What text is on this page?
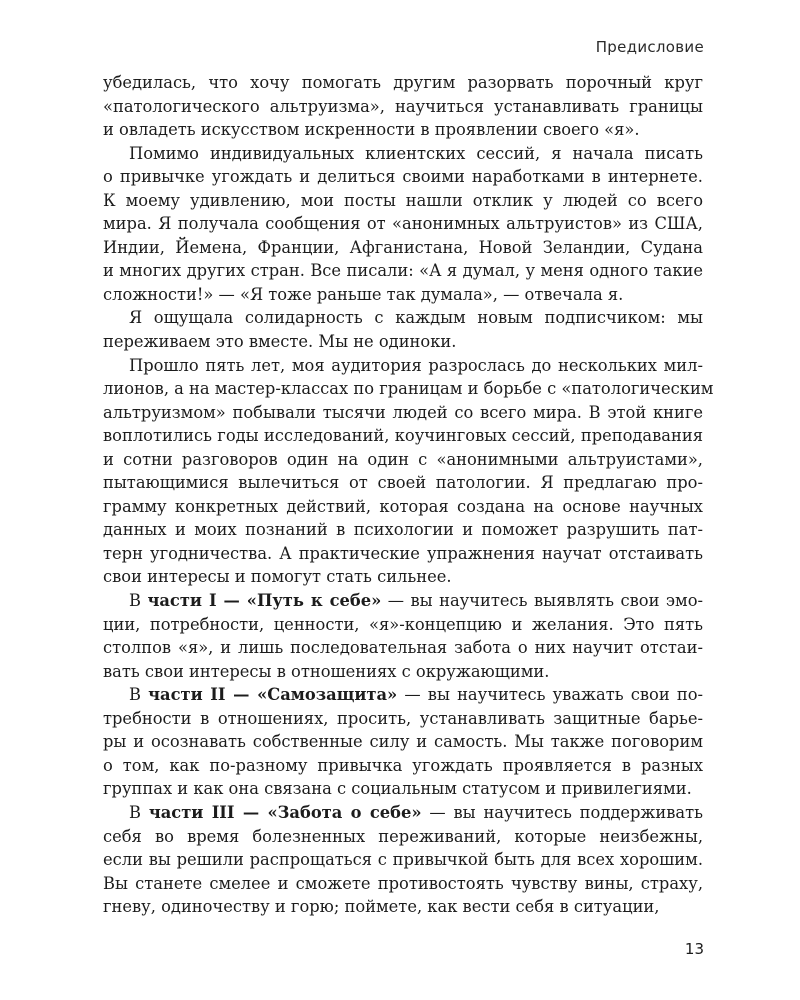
Предисловие
убедилась, что хочу помогать другим разорвать порочный круг
«патологического альтруизма», научиться устанавливать границы
и овладеть искусством искренности в проявлении своего «я».
Помимо индивидуальных клиентских сессий, я начала писать
о привычке угождать и делиться своими наработками в интернете.
К моему удивлению, мои посты нашли отклик у людей со всего
мира. Я получала сообщения от «анонимных альтруистов» из США,
Индии, Йемена, Франции, Афганистана, Новой Зеландии, Судана
и многих других стран. Все писали: «А я думал, у меня одного такие
сложности!» — «Я тоже раньше так думала», — отвечала я.
Я ощущала солидарность с каждым новым подписчиком: мы
переживаем это вместе. Мы не одиноки.
Прошло пять лет, моя аудитория разрослась до нескольких мил-
лионов, а на мастер-классах по границам и борьбе с «патологическим
альтруизмом» побывали тысячи людей со всего мира. В этой книге
воплотились годы исследований, коучинговых сессий, преподавания
и сотни разговоров один на один с «анонимными альтруистами»,
пытающимися вылечиться от своей патологии. Я предлагаю про-
грамму конкретных действий, которая создана на основе научных
данных и моих познаний в психологии и поможет разрушить пат-
терн угодничества. А практические упражнения научат отстаивать
свои интересы и помогут стать сильнее.
В части I — «Путь к себе» — вы научитесь выявлять свои эмо-
ции, потребности, ценности, «я»-концепцию и желания. Это пять
столпов «я», и лишь последовательная забота о них научит отстаи-
вать свои интересы в отношениях с окружающими.
В части II — «Самозащита» — вы научитесь уважать свои по-
требности в отношениях, просить, устанавливать защитные барье-
ры и осознавать собственные силу и самость. Мы также поговорим
о том, как по-разному привычка угождать проявляется в разных
группах и как она связана с социальным статусом и привилегиями.
В части III — «Забота о себе» — вы научитесь поддерживать
себя во время болезненных переживаний, которые неизбежны,
если вы решили распрощаться с привычкой быть для всех хорошим.
Вы станете смелее и сможете противостоять чувству вины, страху,
гневу, одиночеству и горю; поймете, как вести себя в ситуации,
13
